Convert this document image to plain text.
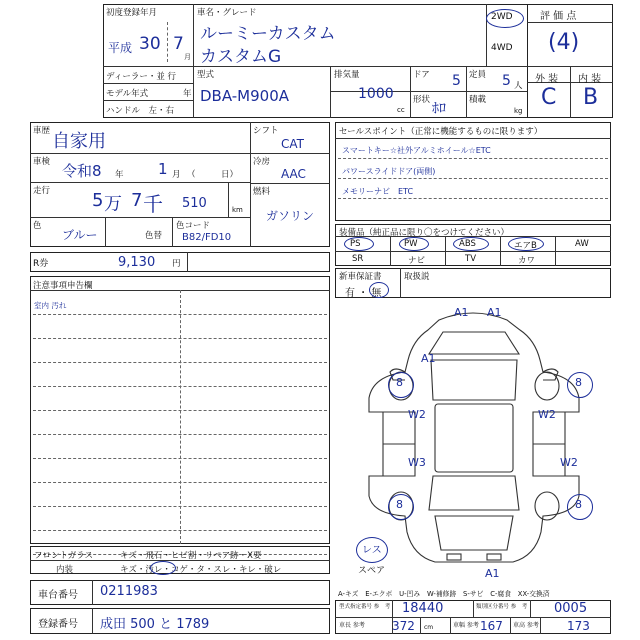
初度登録年月
平成 30 7
月
車名・グレード
ルーミーカスタム
カスタムG
2WD
4WD
評 価 点
(4)
ディーラー・並 行
モデル年式	年
ハンドル　左・右
型式
DBA-M900A
排気量
1000
cc
ドア 5 定員 5 人
形状
ﾎﾛ
積載
kg
外 装 内 装
C B
車歴 自家用
車検 令和8 年 1 月 （　　　日）
走行 5 万 7 千 510	km
色
ブルー	色替
色コード
B82/FD10
シフト
CAT
冷房
AAC
燃料
ガソリン
R券	9,130 円
セールスポイント（正常に機能するものに限ります）
スマートキー☆社外アルミホイール☆ETC
パワースライドドア(両側)
メモリーナビ　ETC
装備品（純正品に限り〇をつけてください）
PS	PW	ABS	エアB	AW
SR	ナビ	TV	カワ
新車保証書	取扱説
有 ・ 無
注意事項申告欄
室内 汚れ
A1 A1
A1
8	8
W2	W2
W3	W2
8	8
A1
レス
スペア
A-キズ　E-エクボ　U-凹み　W-補修跡　S-サビ　C-腐食　XX-交換済
フロントガラス	キズ・飛石・ヒビ割・リペア跡・X要
内装	キズ・汚レ・コゲ・タ・スレ・キレ・破レ
車台番号 0211983
登録番号 成田 500 と 1789
型式指定番号 参　考 18440	類別区分番号 参　考 0005
車長 参考 372 cm	車幅 参考 167 車高 参考 173
